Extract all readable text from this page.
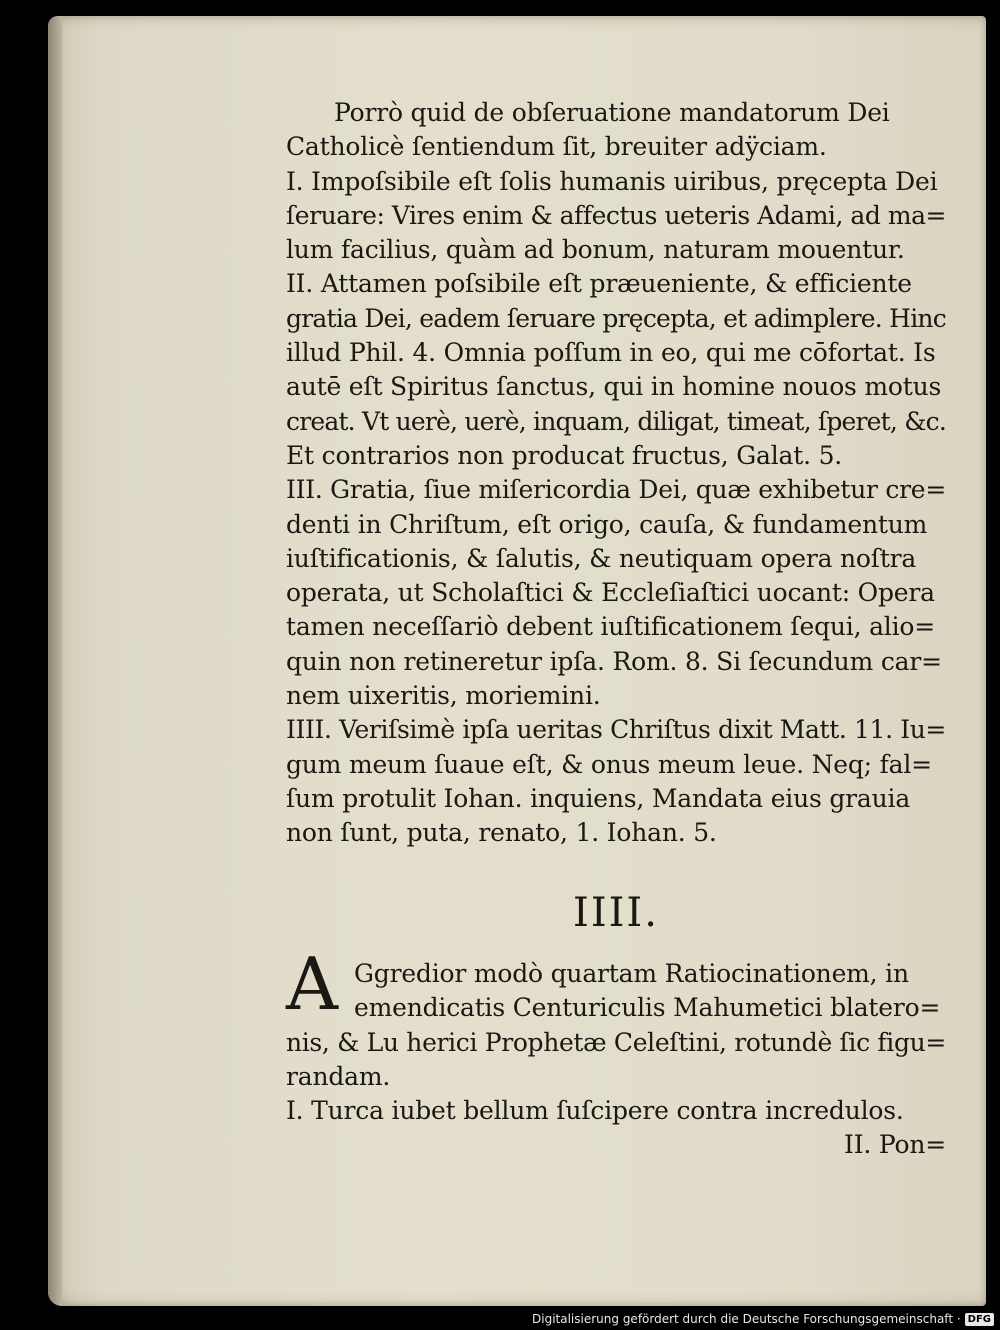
Porrò quid de obſeruatione mandatorum Dei
Catholicè ſentiendum ſit, breuiter adÿciam.
I. Impoſsibile eſt ſolis humanis uiribus, pręcepta Dei
ſeruare: Vires enim & affectus ueteris Adami, ad ma=
lum facilius, quàm ad bonum, naturam mouentur.
II. Attamen poſsibile eſt præueniente, & efficiente
gratia Dei, eadem ſeruare pręcepta, et adimplere. Hinc
illud Phil. 4. Omnia poſſum in eo, qui me cōfortat. Is
autē eſt Spiritus ſanctus, qui in homine nouos motus
creat. Vt uerè, uerè, inquam, diligat, timeat, ſperet, &c.
Et contrarios non producat fructus, Galat. 5.
III. Gratia, ſiue miſericordia Dei, quæ exhibetur cre=
denti in Chriſtum, eſt origo, cauſa, & fundamentum
iuſtificationis, & ſalutis, & neutiquam opera noſtra
operata, ut Scholaſtici & Eccleſiaſtici uocant: Opera
tamen neceſſariò debent iuſtificationem ſequi, alio=
quin non retineretur ipſa. Rom. 8. Si ſecundum car=
nem uixeritis, moriemini.
IIII. Veriſsimè ipſa ueritas Chriſtus dixit Matt. 11. Iu=
gum meum ſuaue eſt, & onus meum leue. Neq; fal=
ſum protulit Iohan. inquiens, Mandata eius grauia
non ſunt, puta, renato, 1. Iohan. 5.
IIII.
A Ggredior modò quartam Ratiocinationem, in
emendicatis Centuriculis Mahumetici blatero=
nis, & Lu herici Prophetæ Celeſtini, rotundè ſic figu=
randam.
I. Turca iubet bellum ſuſcipere contra incredulos.
II. Pon=
Digitalisierung gefördert durch die Deutsche Forschungsgemeinschaft · DFG
